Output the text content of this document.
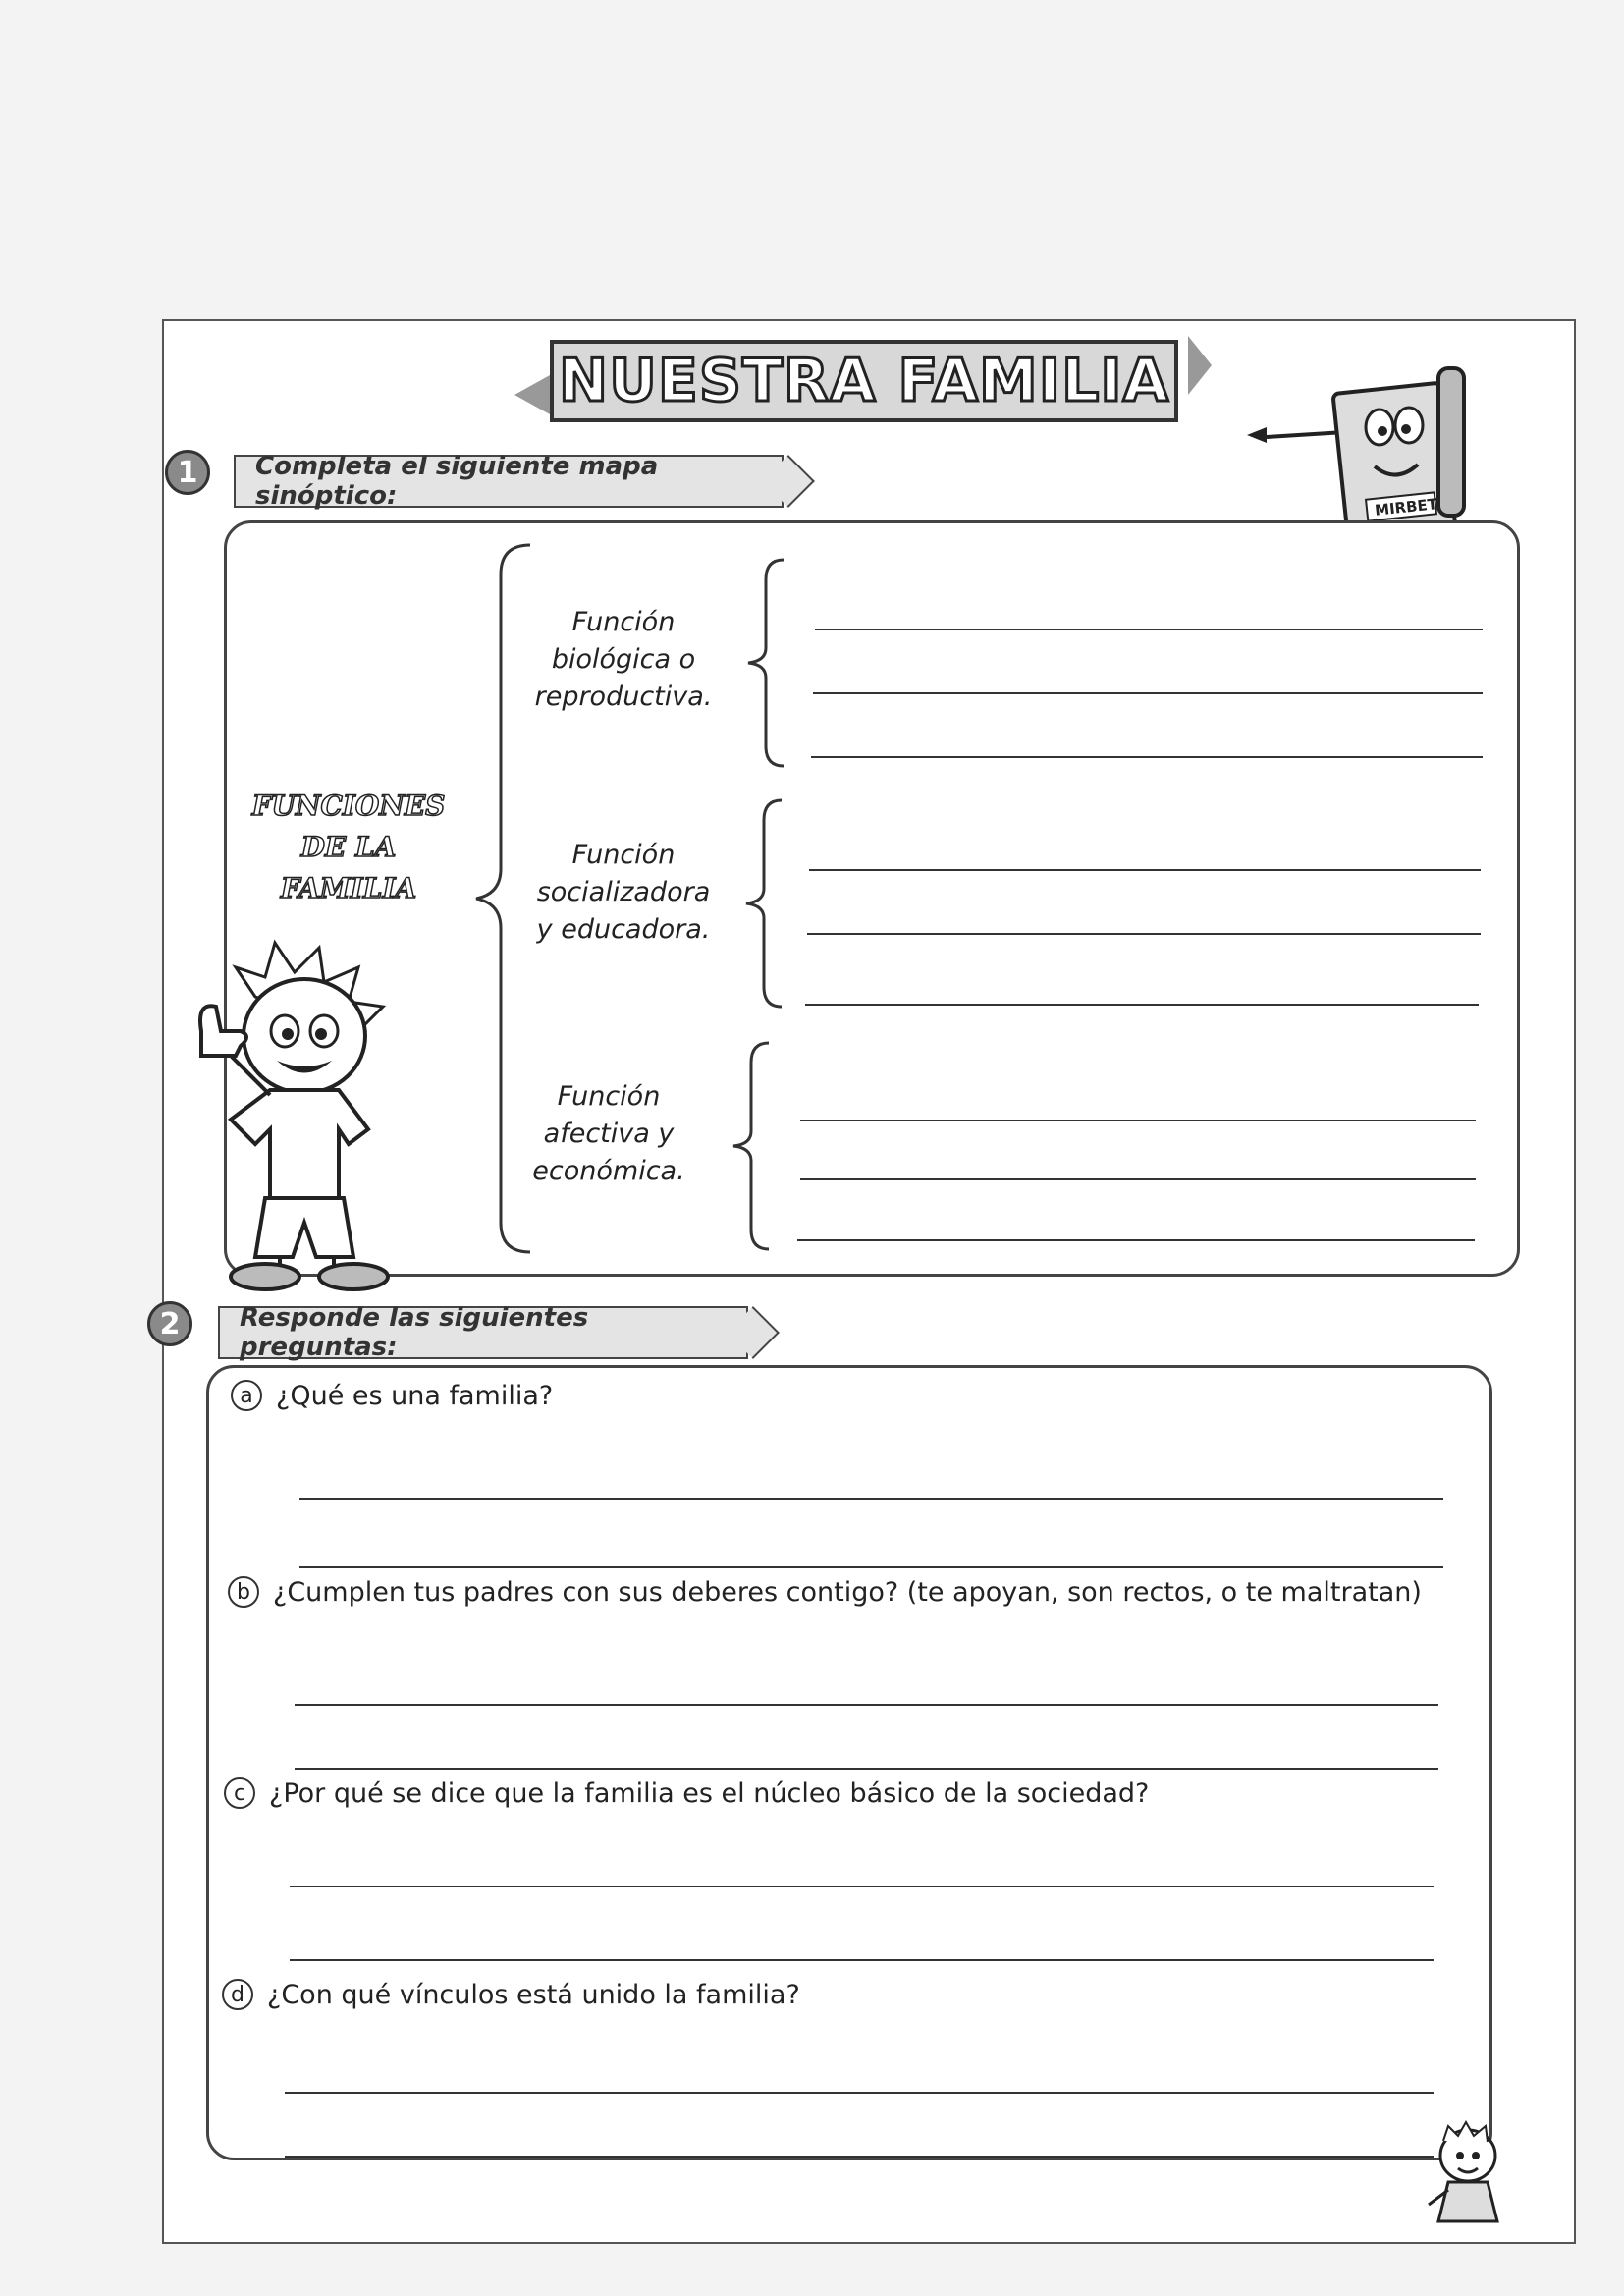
NUESTRA FAMILIA
MIRBET
1	Completa el siguiente mapa sinóptico:
FUNCIONES
DE LA
FAMILIA
Función
biológica o
reproductiva.
Función
socializadora
y educadora.
Función
afectiva y
económica.
2	Responde las siguientes preguntas:
a ¿Qué es una familia?
b ¿Cumplen tus padres con sus deberes contigo? (te apoyan, son rectos, o te maltratan)
c ¿Por qué se dice que la familia es el núcleo básico de la sociedad?
d ¿Con qué vínculos está unido la familia?
